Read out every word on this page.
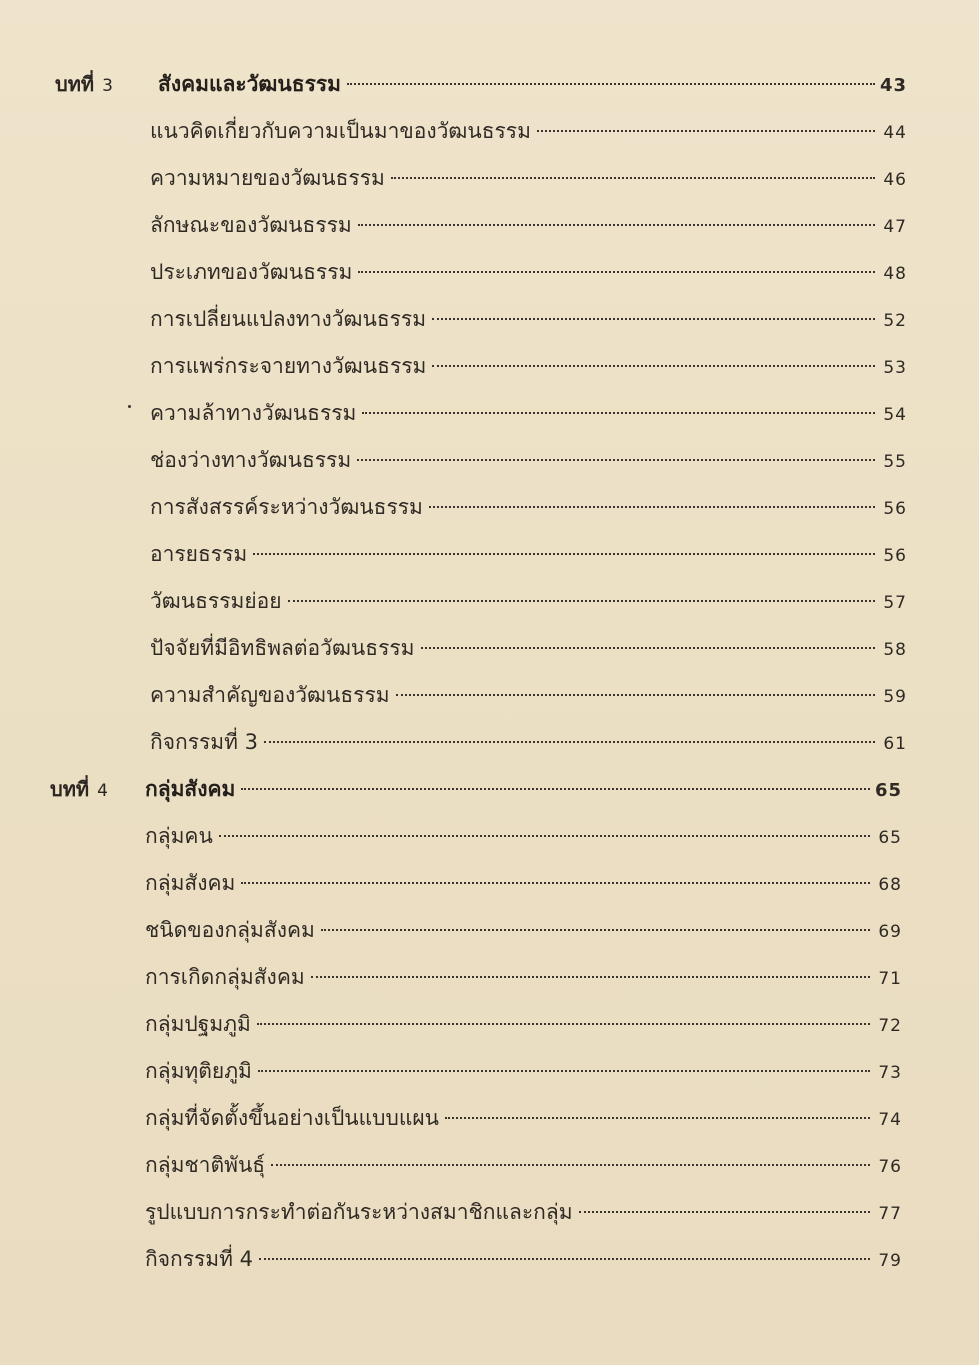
บทที่ 3 สังคมและวัฒนธรรม	43
แนวคิดเกี่ยวกับความเป็นมาของวัฒนธรรม	44
ความหมายของวัฒนธรรม	46
ลักษณะของวัฒนธรรม	47
ประเภทของวัฒนธรรม	48
การเปลี่ยนแปลงทางวัฒนธรรม	52
การแพร่กระจายทางวัฒนธรรม	53
ความล้าทางวัฒนธรรม	54
ช่องว่างทางวัฒนธรรม	55
การสังสรรค์ระหว่างวัฒนธรรม	56
อารยธรรม	56
วัฒนธรรมย่อย	57
ปัจจัยที่มีอิทธิพลต่อวัฒนธรรม	58
ความสำคัญของวัฒนธรรม	59
กิจกรรมที่ 3	61
บทที่ 4 กลุ่มสังคม	65
กลุ่มคน	65
กลุ่มสังคม	68
ชนิดของกลุ่มสังคม	69
การเกิดกลุ่มสังคม	71
กลุ่มปฐมภูมิ	72
กลุ่มทุติยภูมิ	73
กลุ่มที่จัดตั้งขึ้นอย่างเป็นแบบแผน	74
กลุ่มชาติพันธุ์	76
รูปแบบการกระทำต่อกันระหว่างสมาชิกและกลุ่ม	77
กิจกรรมที่ 4	79
